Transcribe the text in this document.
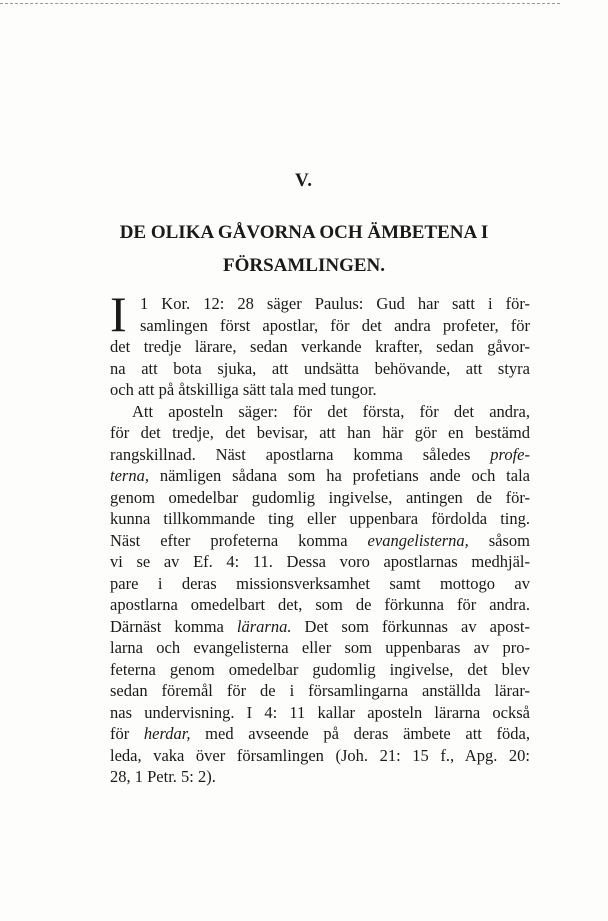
V.
DE OLIKA GÅVORNA OCH ÄMBETENA I
FÖRSAMLINGEN.
I 1 Kor. 12: 28 säger Paulus: Gud har satt i för-
samlingen först apostlar, för det andra profeter, för
det tredje lärare, sedan verkande krafter, sedan gåvor-
na att bota sjuka, att undsätta behövande, att styra
och att på åtskilliga sätt tala med tungor.
Att aposteln säger: för det första, för det andra,
för det tredje, det bevisar, att han här gör en bestämd
rangskillnad. Näst apostlarna komma således profe-
terna, nämligen sådana som ha profetians ande och tala
genom omedelbar gudomlig ingivelse, antingen de för-
kunna tillkommande ting eller uppenbara fördolda ting.
Näst efter profeterna komma evangelisterna, såsom
vi se av Ef. 4: 11. Dessa voro apostlarnas medhjäl-
pare i deras missionsverksamhet samt mottogo av
apostlarna omedelbart det, som de förkunna för andra.
Därnäst komma lärarna. Det som förkunnas av apost-
larna och evangelisterna eller som uppenbaras av pro-
feterna genom omedelbar gudomlig ingivelse, det blev
sedan föremål för de i församlingarna anställda lärar-
nas undervisning. I 4: 11 kallar aposteln lärarna också
för herdar, med avseende på deras ämbete att föda,
leda, vaka över församlingen (Joh. 21: 15 f., Apg. 20:
28, 1 Petr. 5: 2).
